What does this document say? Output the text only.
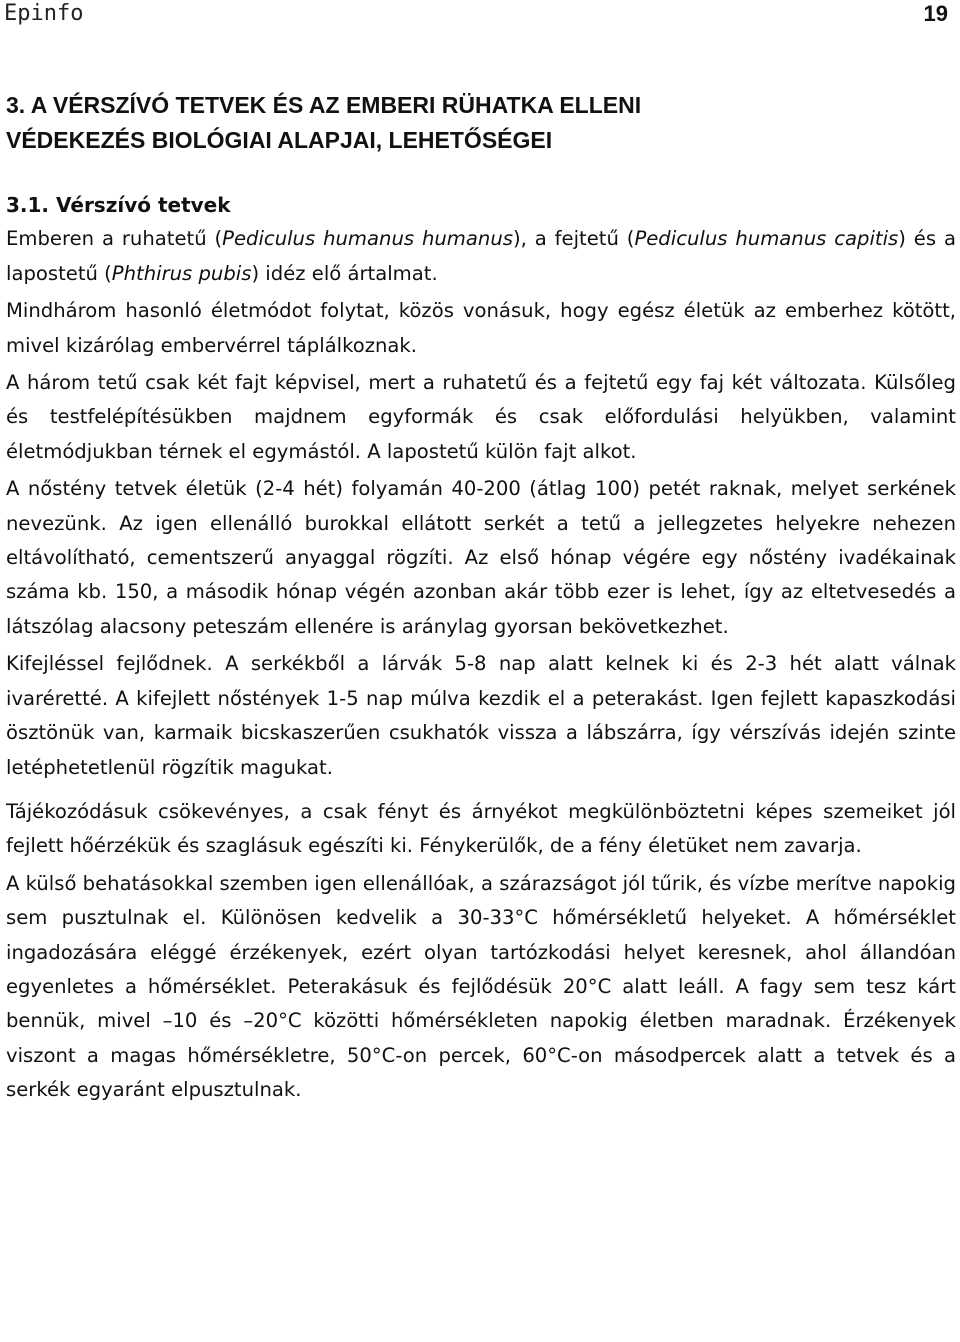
Epinfo	19
3. A VÉRSZÍVÓ TETVEK ÉS AZ EMBERI RÜHATKA ELLENI
VÉDEKEZÉS BIOLÓGIAI ALAPJAI, LEHETŐSÉGEI
3.1. Vérszívó tetvek

Emberen a ruhatetű (Pediculus humanus humanus), a fejtetű (Pediculus humanus capitis) és a lapostetű (Phthirus pubis) idéz elő ártalmat.

Mindhárom hasonló életmódot folytat, közös vonásuk, hogy egész életük az emberhez kötött, mivel kizárólag embervérrel táplálkoznak.

A három tetű csak két fajt képvisel, mert a ruhatetű és a fejtetű egy faj két változata. Külsőleg és testfelépítésükben majdnem egyformák és csak előfordulási helyükben, valamint életmódjukban térnek el egymástól. A lapostetű külön fajt alkot.

A nőstény tetvek életük (2-4 hét) folyamán 40-200 (átlag 100) petét raknak, melyet serkének nevezünk. Az igen ellenálló burokkal ellátott serkét a tetű a jellegzetes helyekre nehezen eltávolítható, cementszerű anyaggal rögzíti. Az első hónap végére egy nőstény ivadékainak száma kb. 150, a második hónap végén azonban akár több ezer is lehet, így az eltetvesedés a látszólag alacsony peteszám ellenére is aránylag gyorsan bekövetkezhet.

Kifejléssel fejlődnek. A serkékből a lárvák 5-8 nap alatt kelnek ki és 2-3 hét alatt válnak ivaréretté. A kifejlett nőstények 1-5 nap múlva kezdik el a peterakást. Igen fejlett kapaszkodási ösztönük van, karmaik bicskaszerűen csukhatók vissza a lábszárra, így vérszívás idején szinte letéphetetlenül rögzítik magukat.

Tájékozódásuk csökevényes, a csak fényt és árnyékot megkülönböztetni képes szemeiket jól fejlett hőérzékük és szaglásuk egészíti ki. Fénykerülők, de a fény életüket nem zavarja.

A külső behatásokkal szemben igen ellenállóak, a szárazságot jól tűrik, és vízbe merítve napokig sem pusztulnak el. Különösen kedvelik a 30-33°C hőmérsékletű helyeket. A hőmérséklet ingadozására eléggé érzékenyek, ezért olyan tartózkodási helyet keresnek, ahol állandóan egyenletes a hőmérséklet. Peterakásuk és fejlődésük 20°C alatt leáll. A fagy sem tesz kárt bennük, mivel –10 és –20°C közötti hőmérsékleten napokig életben maradnak. Érzékenyek viszont a magas hőmérsékletre, 50°C-on percek, 60°C-on másodpercek alatt a tetvek és a serkék egyaránt elpusztulnak.
